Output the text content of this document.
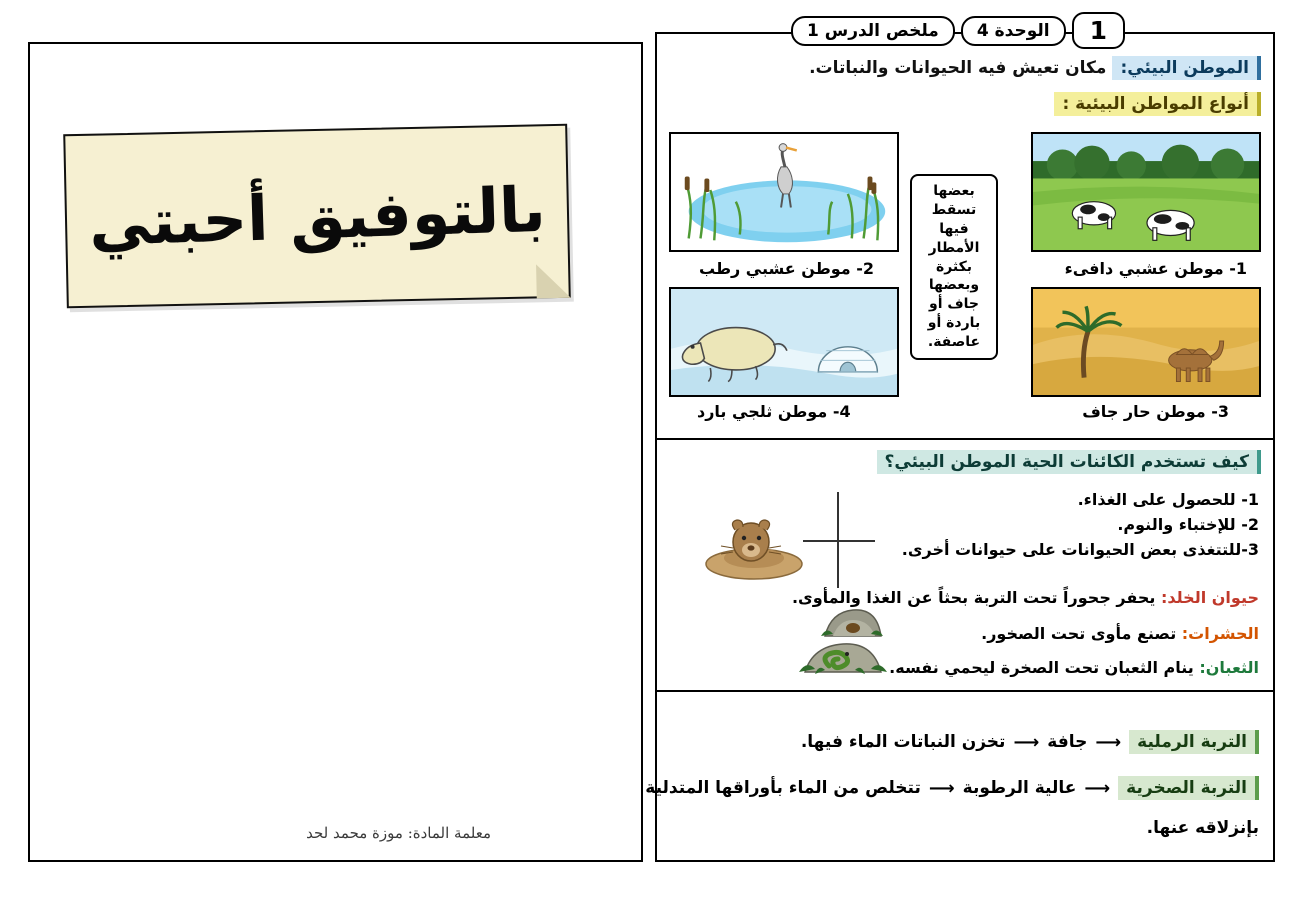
بالتوفيق أحبتي
معلمة المادة: موزة محمد لحد
ملخص الدرس 1	الوحدة 4	1
الموطن البيئي:
مكان تعيش فيه الحيوانات والنباتات.
أنواع المواطن البيئية :
1- موطن عشبي دافىء
2- موطن عشبي رطب
3- موطن حار جاف
4- موطن ثلجي بارد
بعضها تسقط فيها الأمطار بكثرة وبعضها جاف أو باردة أو عاصفة.
كيف تستخدم الكائنات الحية الموطن البيئي؟
1- للحصول على الغذاء.
2- للإختباء والنوم.
3-للتتغذى بعض الحيوانات على حيوانات أخرى.
حيوان الخلد: يحفر جحوراً تحت التربة بحثاً عن الغذا والمأوى.
الحشرات: تصنع مأوى تحت الصخور.
الثعبان: ينام الثعبان تحت الصخرة ليحمي نفسه.
التربة الرملية
⟶
جافة
⟶
تخزن النباتات الماء فيها.
التربة الصخرية
⟶
عالية الرطوبة
⟶
تتخلص من الماء بأوراقها المتدلية
بإنزلاقه عنها.
